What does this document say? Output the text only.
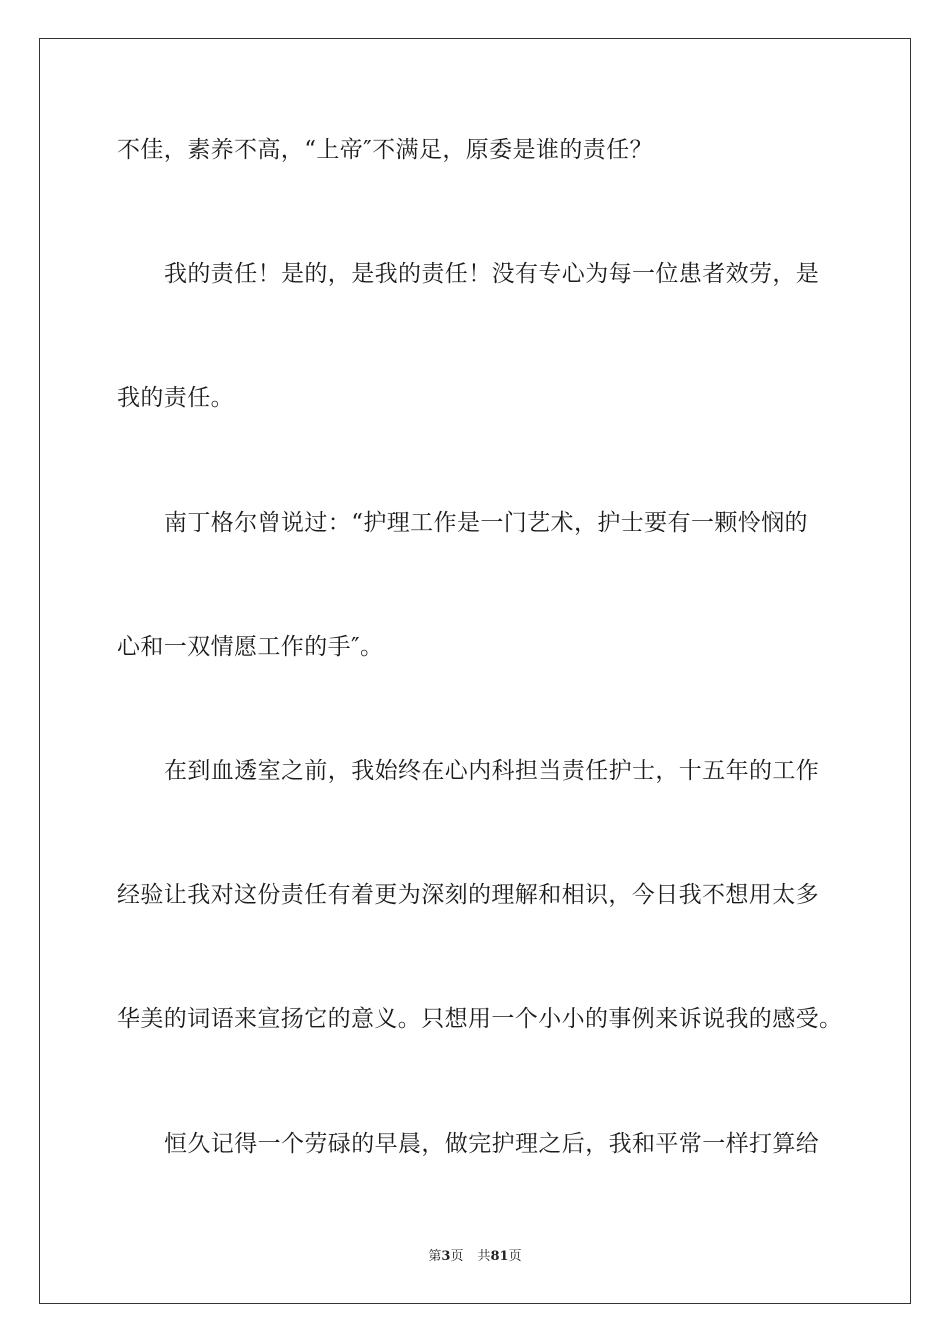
不佳，素养不高，“上帝″不满足，原委是谁的责任？
我的责任！是的，是我的责任！没有专心为每一位患者效劳，是
我的责任。
南丁格尔曾说过：“护理工作是一门艺术，护士要有一颗怜悯的
心和一双情愿工作的手″。
在到血透室之前，我始终在心内科担当责任护士，十五年的工作
经验让我对这份责任有着更为深刻的理解和相识，今日我不想用太多
华美的词语来宣扬它的意义。只想用一个小小的事例来诉说我的感受。
恒久记得一个劳碌的早晨，做完护理之后，我和平常一样打算给
第3页 共81页
